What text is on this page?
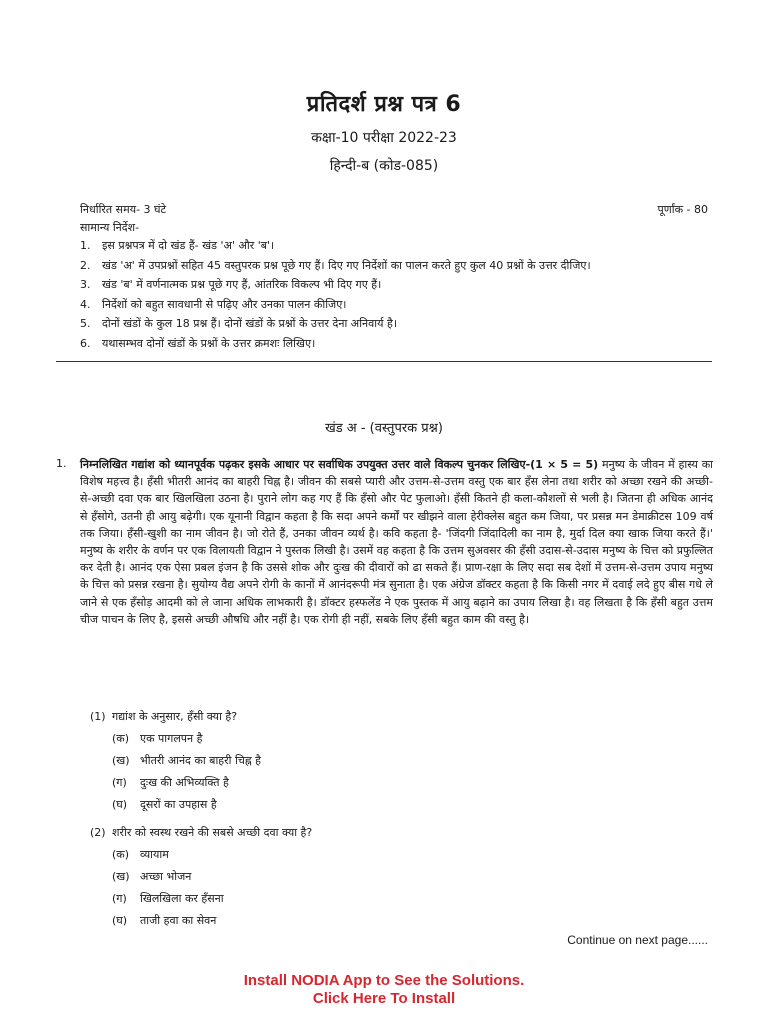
प्रतिदर्श प्रश्न पत्र 6
कक्षा-10 परीक्षा 2022-23
हिन्दी-ब (कोड-085)
निर्धारित समय- 3 घंटे	पूर्णांक - 80
सामान्य निर्देश-
1. इस प्रश्नपत्र में दो खंड हैं- खंड 'अ' और 'ब'।
2. खंड 'अ' में उपप्रश्नों सहित 45 वस्तुपरक प्रश्न पूछे गए हैं। दिए गए निर्देशों का पालन करते हुए कुल 40 प्रश्नों के उत्तर दीजिए।
3. खंड 'ब' में वर्णनात्मक प्रश्न पूछे गए हैं, आंतरिक विकल्प भी दिए गए हैं।
4. निर्देशों को बहुत सावधानी से पढ़िए और उनका पालन कीजिए।
5. दोनों खंडों के कुल 18 प्रश्न हैं। दोनों खंडों के प्रश्नों के उत्तर देना अनिवार्य है।
6. यथासम्भव दोनों खंडों के प्रश्नों के उत्तर क्रमशः लिखिए।
खंड अ - (वस्तुपरक प्रश्न)
1. निम्नलिखित गद्यांश को ध्यानपूर्वक पढ़कर इसके आधार पर सर्वाधिक उपयुक्त उत्तर वाले विकल्प चुनकर लिखिए-(1 × 5 = 5) मनुष्य के जीवन में हास्य का विशेष महत्त्व है। हँसी भीतरी आनंद का बाहरी चिह्न है। जीवन की सबसे प्यारी और उत्तम-से-उत्तम वस्तु एक बार हँस लेना तथा शरीर को अच्छा रखने की अच्छी-से-अच्छी दवा एक बार खिलखिला उठना है। पुराने लोग कह गए हैं कि हँसो और पेट फुलाओ। हँसी कितने ही कला-कौशलों से भली है। जितना ही अधिक आनंद से हँसोगे, उतनी ही आयु बढ़ेगी। एक यूनानी विद्वान कहता है कि सदा अपने कर्मों पर खीझने वाला हेरीक्लेस बहुत कम जिया, पर प्रसन्न मन डेमाक्रीटस 109 वर्ष तक जिया। हँसी-खुशी का नाम जीवन है। जो रोते हैं, उनका जीवन व्यर्थ है। कवि कहता है- 'जिंदगी जिंदादिली का नाम है, मुर्दा दिल क्या खाक जिया करते हैं।' मनुष्य के शरीर के वर्णन पर एक विलायती विद्वान ने पुस्तक लिखी है। उसमें वह कहता है कि उत्तम सुअवसर की हँसी उदास-से-उदास मनुष्य के चित्त को प्रफुल्लित कर देती है। आनंद एक ऐसा प्रबल इंजन है कि उससे शोक और दुःख की दीवारों को ढा सकते हैं। प्राण-रक्षा के लिए सदा सब देशों में उत्तम-से-उत्तम उपाय मनुष्य के चित्त को प्रसन्न रखना है। सुयोग्य वैद्य अपने रोगी के कानों में आनंदरूपी मंत्र सुनाता है। एक अंग्रेज डॉक्टर कहता है कि किसी नगर में दवाई लदे हुए बीस गधे ले जाने से एक हँसोड़ आदमी को ले जाना अधिक लाभकारी है। डॉक्टर हस्फलेंड ने एक पुस्तक में आयु बढ़ाने का उपाय लिखा है। वह लिखता है कि हँसी बहुत उत्तम चीज पाचन के लिए है, इससे अच्छी औषधि और नहीं है। एक रोगी ही नहीं, सबके लिए हँसी बहुत काम की वस्तु है।

(1) गद्यांश के अनुसार, हँसी क्या है?
(क) एक पागलपन है
(ख) भीतरी आनंद का बाहरी चिह्न है
(ग) दुःख की अभिव्यक्ति है
(घ) दूसरों का उपहास है
(2) शरीर को स्वस्थ रखने की सबसे अच्छी दवा क्या है?
(क) व्यायाम
(ख) अच्छा भोजन
(ग) खिलखिला कर हँसना
(घ) ताजी हवा का सेवन
Continue on next page......
Install NODIA App to See the Solutions.
Click Here To Install
